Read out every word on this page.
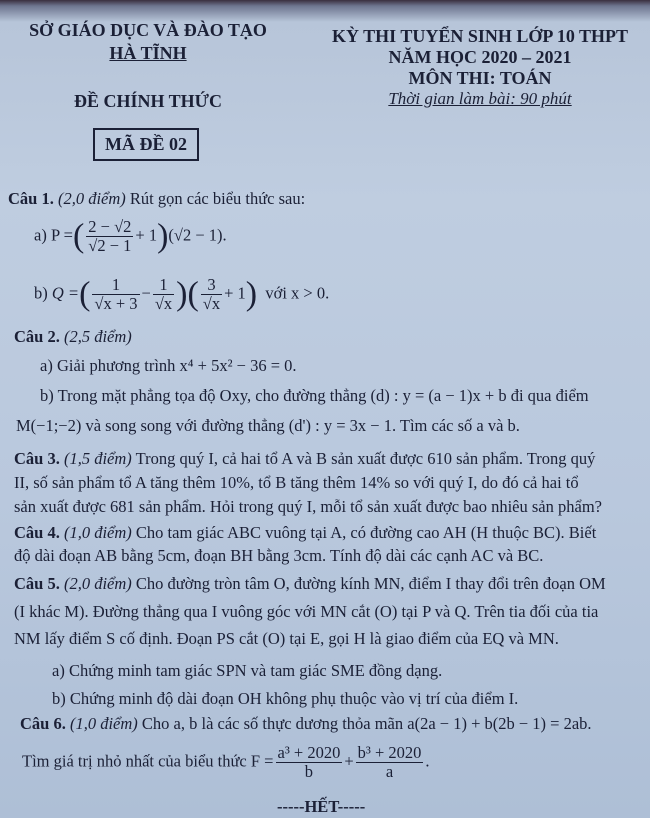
SỞ GIÁO DỤC VÀ ĐÀO TẠO
HÀ TĨNH
ĐỀ CHÍNH THỨC
MÃ ĐỀ 02
KỲ THI TUYỂN SINH LỚP 10 THPT
NĂM HỌC 2020 – 2021
MÔN THI: TOÁN
Thời gian làm bài: 90 phút
Câu 1. (2,0 điểm) Rút gọn các biểu thức sau:
a) P =( $\frac{2 - √2}{√2 - 1} + 1)(√2 - 1)$.
b) Q =( $\frac{1}{√x + 3} - \frac{1}{√x}$ )( $\frac{3}{√x} + 1$) với x > 0.
Câu 2. (2,5 điểm)
a) Giải phương trình x⁴ + 5x² − 36 = 0.
b) Trong mặt phẳng tọa độ Oxy, cho đường thẳng (d) : y = (a − 1)x + b đi qua điểm
M(−1;−2) và song song với đường thẳng (d') : y = 3x − 1. Tìm các số a và b.
Câu 3. (1,5 điểm) Trong quý I, cả hai tổ A và B sản xuất được 610 sản phẩm. Trong quý
II, số sản phẩm tổ A tăng thêm 10%, tổ B tăng thêm 14% so với quý I, do đó cả hai tổ
sản xuất được 681 sản phẩm. Hỏi trong quý I, mỗi tổ sản xuất được bao nhiêu sản phẩm?
Câu 4. (1,0 điểm) Cho tam giác ABC vuông tại A, có đường cao AH (H thuộc BC). Biết
độ dài đoạn AB bằng 5cm, đoạn BH bằng 3cm. Tính độ dài các cạnh AC và BC.
Câu 5. (2,0 điểm) Cho đường tròn tâm O, đường kính MN, điểm I thay đổi trên đoạn OM
(I khác M). Đường thẳng qua I vuông góc với MN cắt (O) tại P và Q. Trên tia đối của tia
NM lấy điểm S cố định. Đoạn PS cắt (O) tại E, gọi H là giao điểm của EQ và MN.
a) Chứng minh tam giác SPN và tam giác SME đồng dạng.
b) Chứng minh độ dài đoạn OH không phụ thuộc vào vị trí của điểm I.
Câu 6. (1,0 điểm) Cho a, b là các số thực dương thỏa mãn a(2a − 1) + b(2b − 1) = 2ab.
Tìm giá trị nhỏ nhất của biểu thức $F = \frac{\text{a³ + 2020}}{b} + \frac{\text{b³ + 2020}}{a}$ .
-----HẾT-----
